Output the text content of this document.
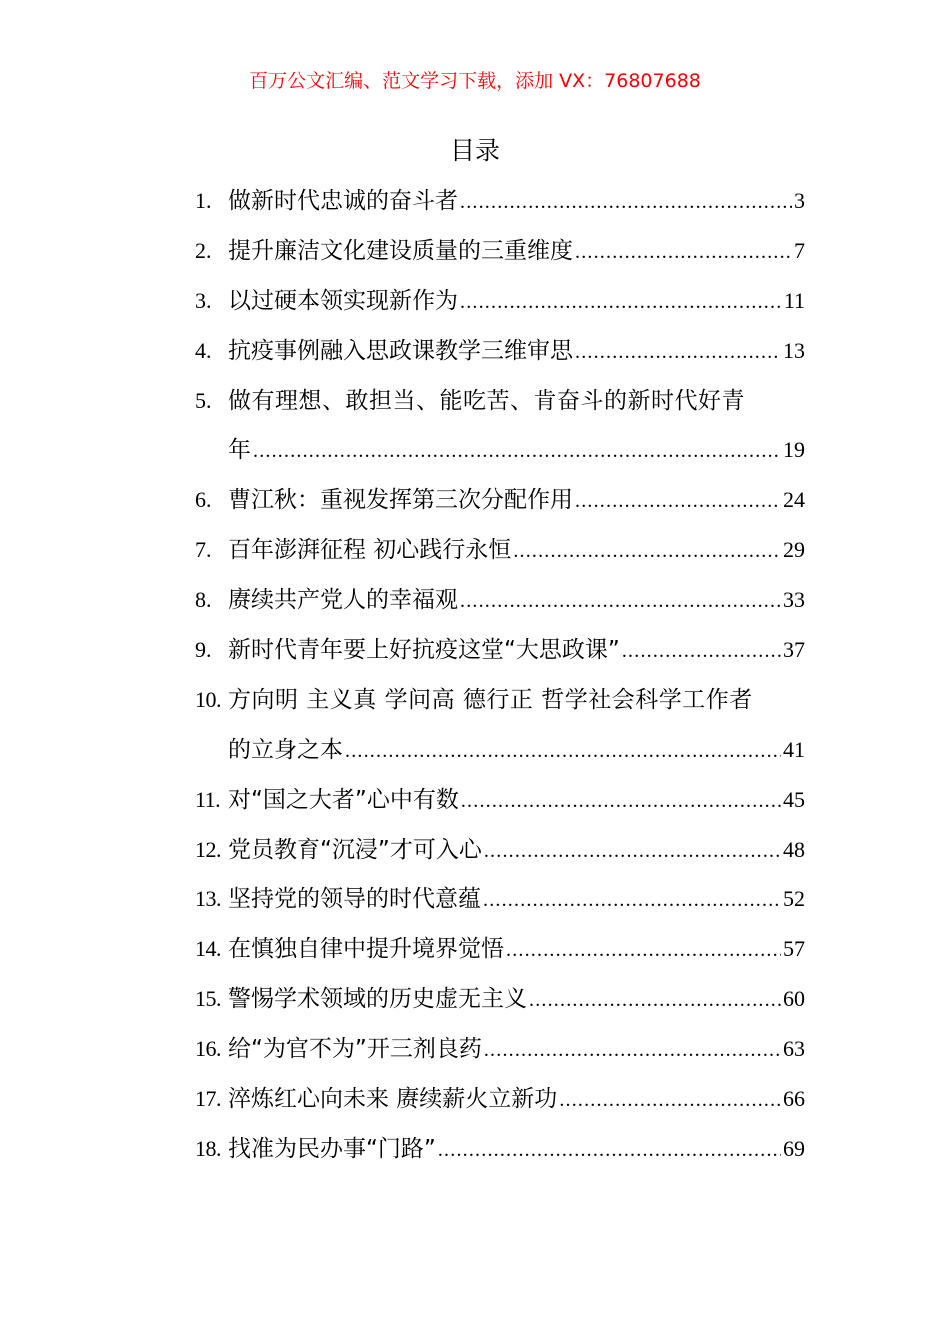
百万公文汇编、范文学习下载，添加 VX：76807688
目录
1. 做新时代忠诚的奋斗者 .....	3
2. 提升廉洁文化建设质量的三重维度 .....	7
3. 以过硬本领实现新作为 .....	11
4. 抗疫事例融入思政课教学三维审思 .....	13
5. 做有理想、敢担当、能吃苦、肯奋斗的新时代好青
年 .....	19
6. 曹江秋：重视发挥第三次分配作用 .....	24
7. 百年澎湃征程 初心践行永恒 .....	29
8. 赓续共产党人的幸福观 .....	33
9. 新时代青年要上好抗疫这堂“大思政课” .....	37
10. 方向明 主义真 学问高 德行正 哲学社会科学工作者
的立身之本 .....	41
11. 对“国之大者”心中有数 .....	45
12. 党员教育“沉浸”才可入心 .....	48
13. 坚持党的领导的时代意蕴 .....	52
14. 在慎独自律中提升境界觉悟 .....	57
15. 警惕学术领域的历史虚无主义 .....	60
16. 给“为官不为”开三剂良药 .....	63
17. 淬炼红心向未来 赓续薪火立新功 .....	66
18. 找准为民办事“门路” .....	69
